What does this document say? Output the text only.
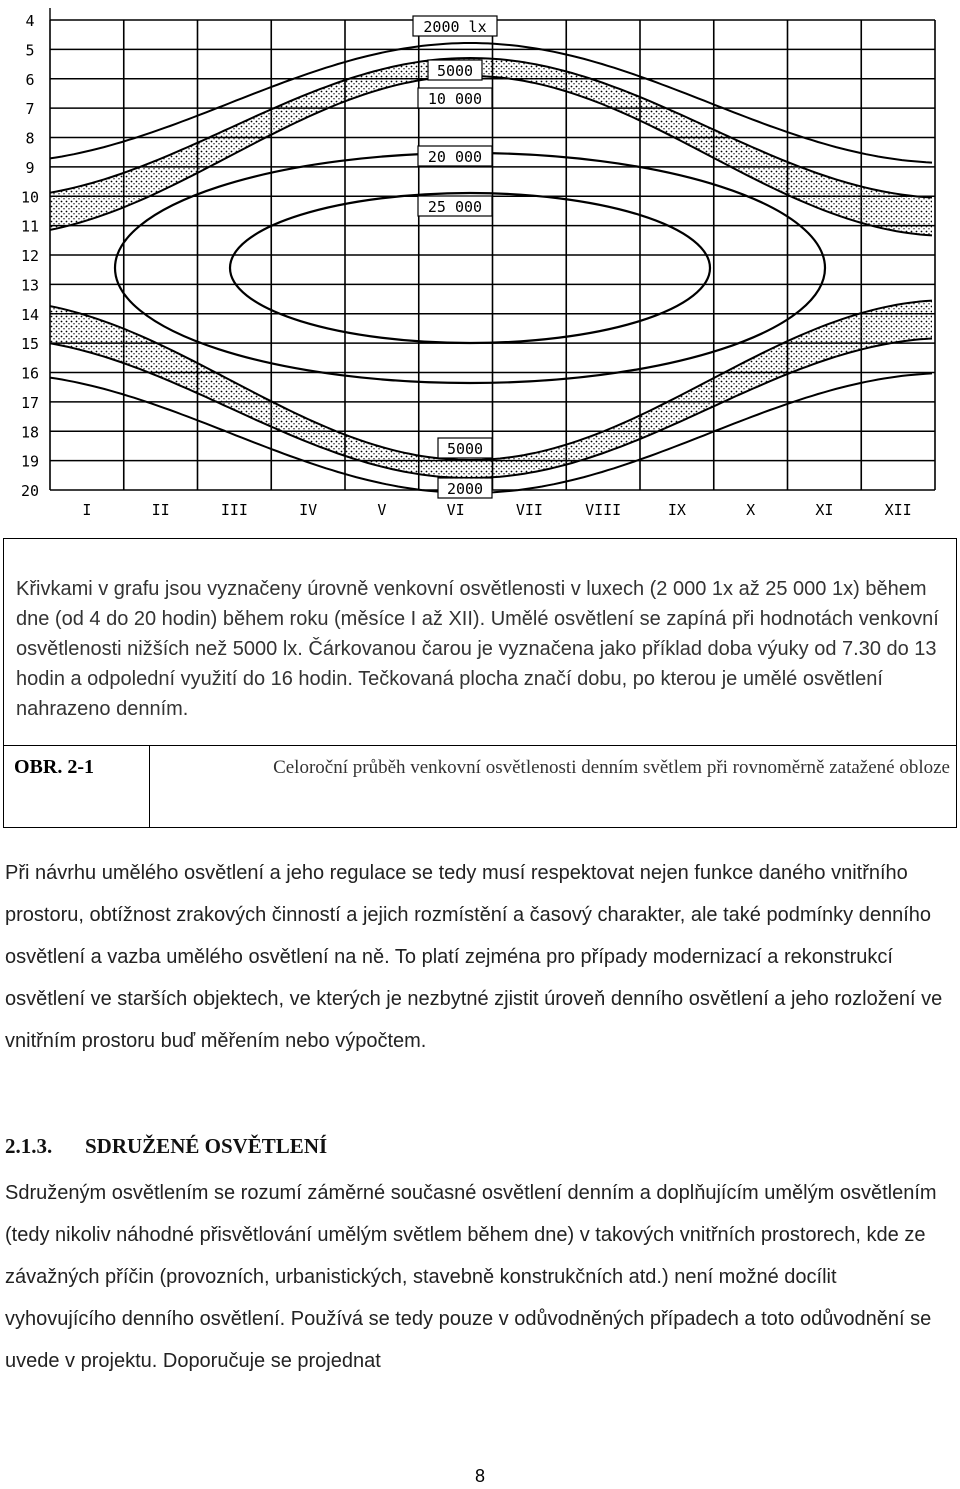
4
5
6
7
8
9
10
11
12
13
14
15
16
17
18
19
20
I	II	III	IV	V	VI	VII	VIII	IX	X	XI	XII
2000 lx
5000
10 000
20 000
25 000
5000
2000
Křivkami v grafu jsou vyznačeny úrovně venkovní osvětlenosti v luxech (2 000 1x až 25 000 1x) během dne (od 4 do 20 hodin) během roku (měsíce I až XII). Umělé osvětlení se zapíná při hodnotách venkovní osvětlenosti nižších než 5000 lx. Čárkovanou čarou je vyznačena jako příklad doba výuky od 7.30 do 13 hodin a odpolední využití do 16 hodin. Tečkovaná plocha značí dobu, po kterou je umělé osvětlení nahrazeno denním.
OBR. 2-1	Celoroční průběh venkovní osvětlenosti denním světlem při rovnoměrně zatažené obloze
Při návrhu umělého osvětlení a jeho regulace se tedy musí respektovat nejen funkce daného vnitřního prostoru, obtížnost zrakových činností a jejich rozmístění a časový charakter, ale také podmínky denního osvětlení a vazba umělého osvětlení na ně. To platí zejména pro případy modernizací a rekonstrukcí osvětlení ve starších objektech, ve kterých je nezbytné zjistit úroveň denního osvětlení a jeho rozložení ve vnitřním prostoru buď měřením nebo výpočtem.
2.1.3. SDRUŽENÉ OSVĚTLENÍ
Sdruženým osvětlením se rozumí záměrné současné osvětlení denním a doplňujícím umělým osvětlením (tedy nikoliv náhodné přisvětlování umělým světlem během dne) v takových vnitřních prostorech, kde ze závažných příčin (provozních, urbanistických, stavebně konstrukčních atd.) není možné docílit vyhovujícího denního osvětlení. Používá se tedy pouze v odůvodněných případech a toto odůvodnění se uvede v projektu. Doporučuje se projednat
8
